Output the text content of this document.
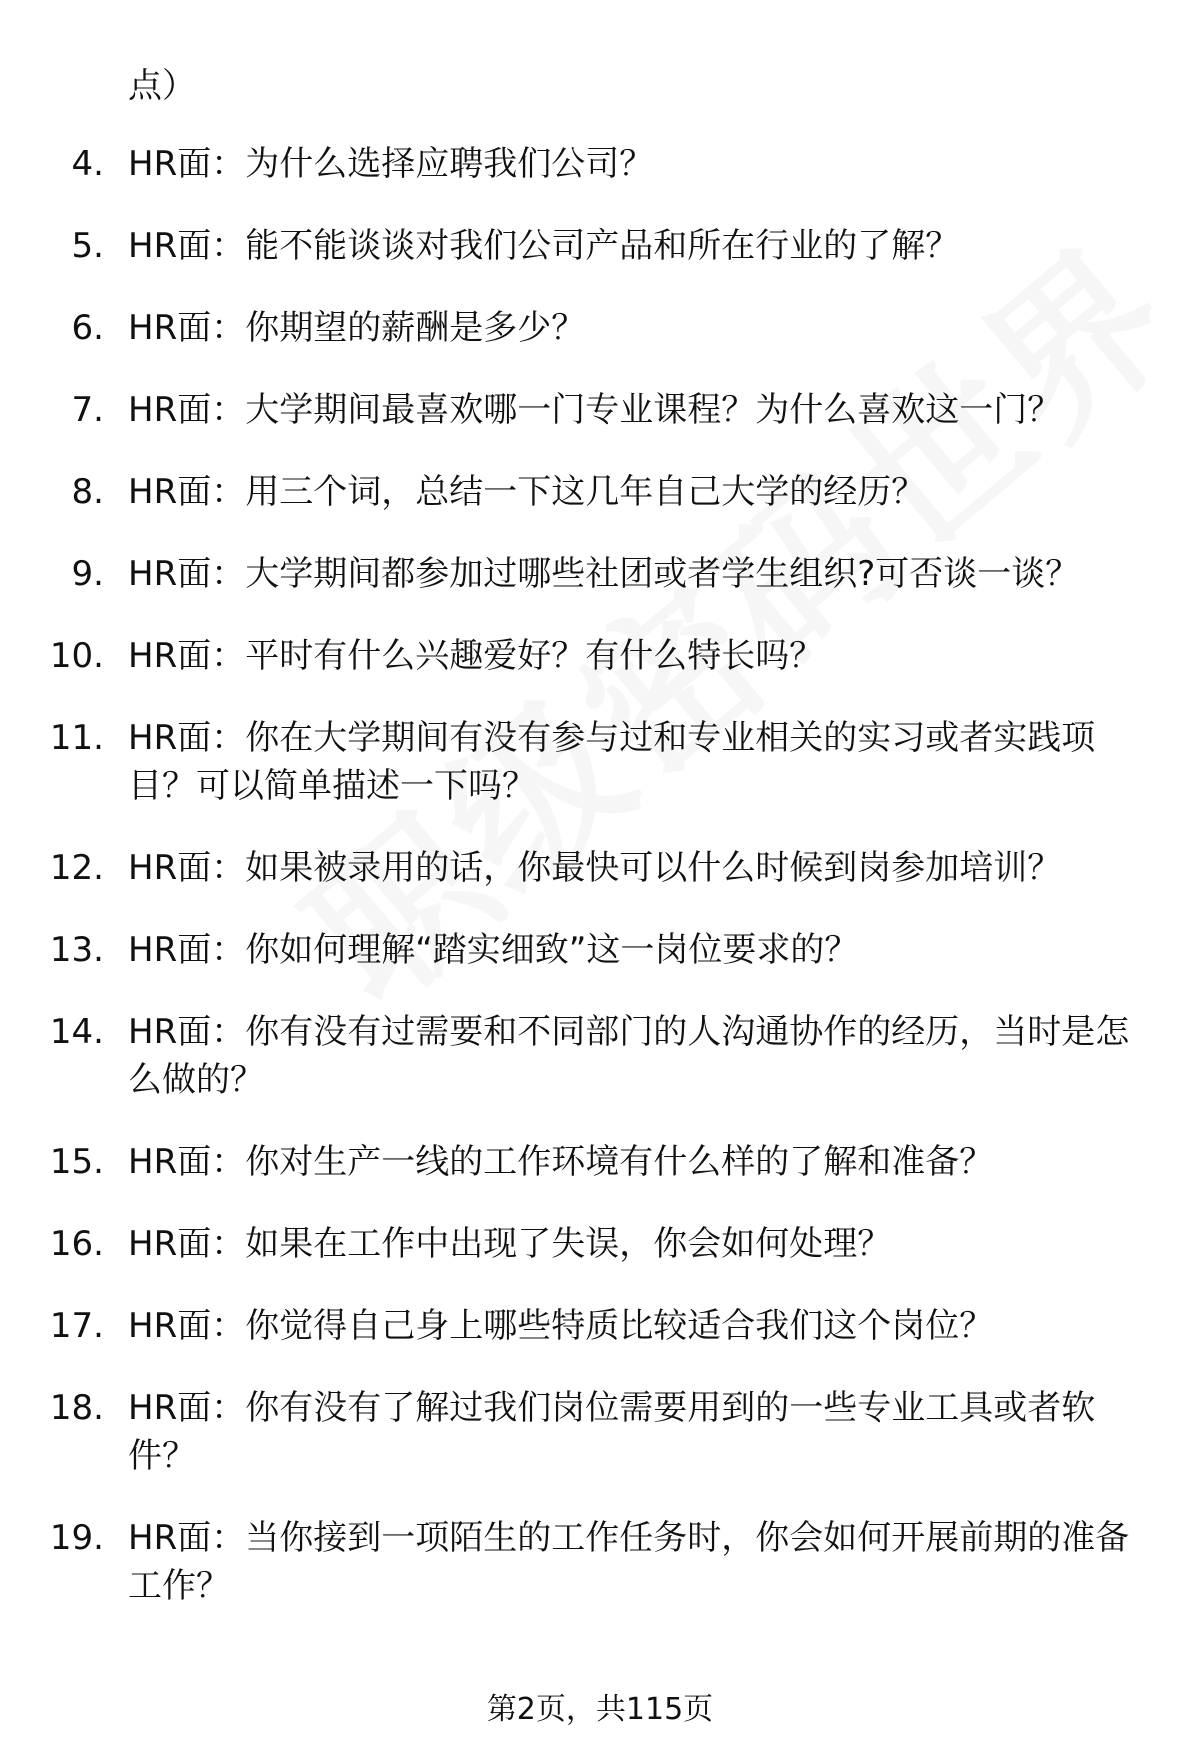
点）
4. HR面：为什么选择应聘我们公司？
5. HR面：能不能谈谈对我们公司产品和所在行业的了解？
6. HR面：你期望的薪酬是多少？
7. HR面：大学期间最喜欢哪一门专业课程？为什么喜欢这一门？
8. HR面：用三个词，总结一下这几年自己大学的经历？
9. HR面：大学期间都参加过哪些社团或者学生组织?可否谈一谈？
10. HR面：平时有什么兴趣爱好？有什么特长吗？
11. HR面：你在大学期间有没有参与过和专业相关的实习或者实践项目？可以简单描述一下吗？
12. HR面：如果被录用的话，你最快可以什么时候到岗参加培训？
13. HR面：你如何理解“踏实细致”这一岗位要求的？
14. HR面：你有没有过需要和不同部门的人沟通协作的经历，当时是怎么做的？
15. HR面：你对生产一线的工作环境有什么样的了解和准备？
16. HR面：如果在工作中出现了失误，你会如何处理？
17. HR面：你觉得自己身上哪些特质比较适合我们这个岗位？
18. HR面：你有没有了解过我们岗位需要用到的一些专业工具或者软件？
19. HR面：当你接到一项陌生的工作任务时，你会如何开展前期的准备工作？
第2页，共115页
